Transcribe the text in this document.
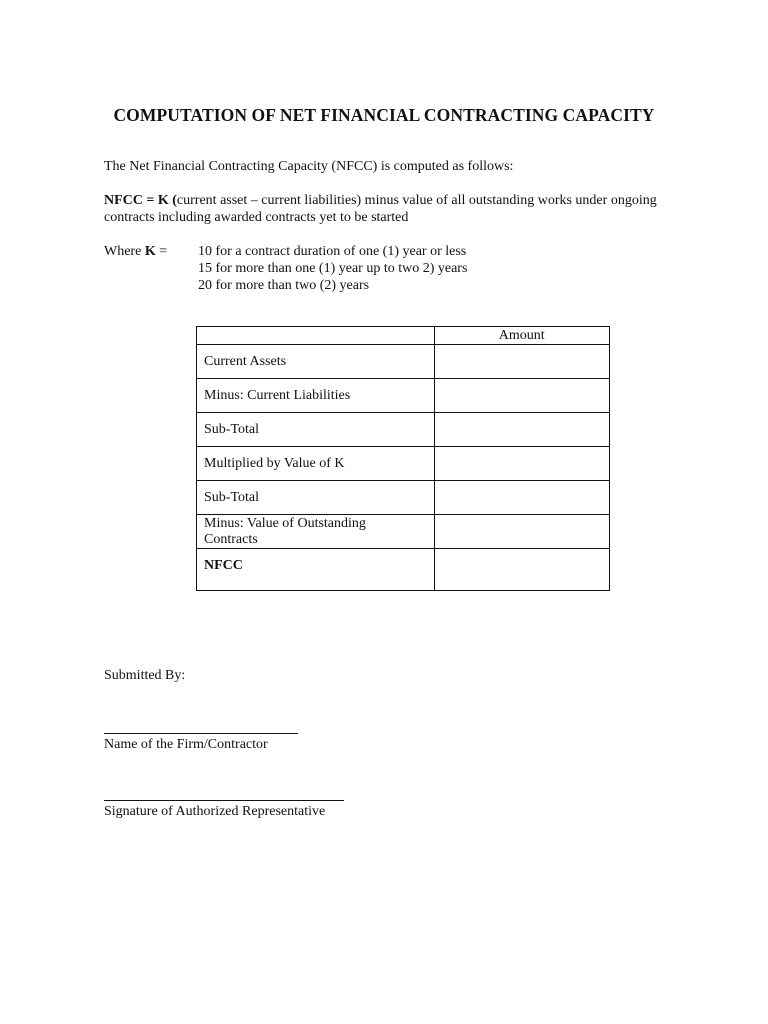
COMPUTATION OF NET FINANCIAL CONTRACTING CAPACITY
The Net Financial Contracting Capacity (NFCC) is computed as follows:
NFCC = K (current asset – current liabilities) minus value of all outstanding works under ongoing contracts including awarded contracts yet to be started
Where K = 10 for a contract duration of one (1) year or less
15 for more than one (1) year up to two 2) years
20 for more than two (2) years
	Amount
Current Assets	
Minus: Current Liabilities	
Sub-Total	
Multiplied by Value of K	
Sub-Total	
Minus: Value of Outstanding Contracts	
NFCC	
Submitted By:
Name of the Firm/Contractor
Signature of Authorized Representative
